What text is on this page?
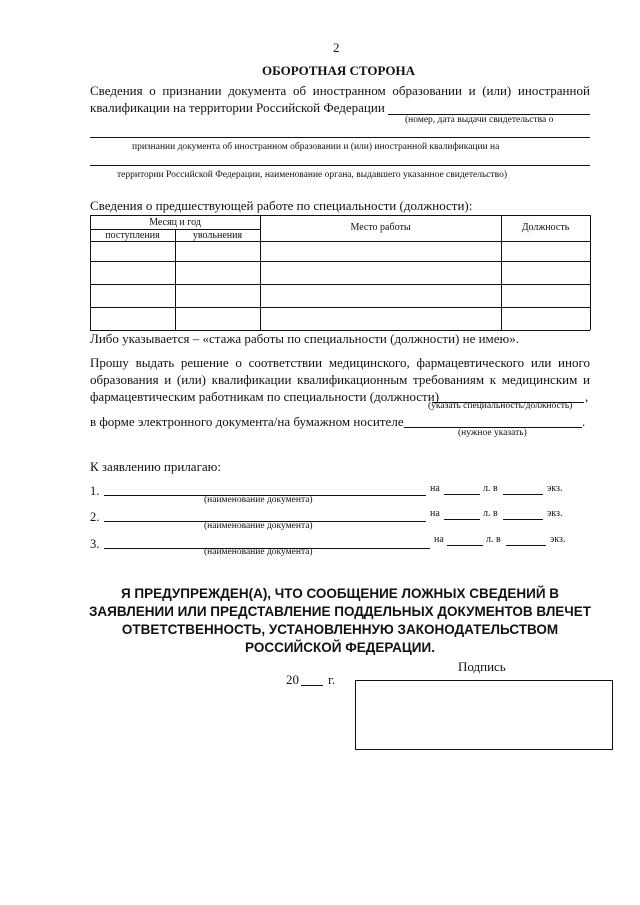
2
ОБОРОТНАЯ СТОРОНА
Сведения о признании документа об иностранном образовании и (или) иностранной
квалификации на территории Российской Федерации
(номер, дата выдачи свидетельства о
признании документа об иностранном образовании и (или) иностранной квалификации на
территории Российской Федерации, наименование органа, выдавшего указанное свидетельство)
Сведения о предшествующей работе по специальности (должности):
Месяц и год
поступления	увольнения
Место работы	Должность
Либо указывается – «стажа работы по специальности (должности) не имею».
Прошу выдать решение о соответствии медицинского, фармацевтического или иного
образования и (или) квалификации квалификационным требованиям к медицинским и
фармацевтическим работникам по специальности (должности)	,
(указать специальность/должность)
в форме электронного документа/на бумажном носителе	.
(нужное указать)
К заявлению прилагаю:
1.	на	л. в	экз.
(наименование документа)
2.	на	л. в	экз.
(наименование документа)
3.	на	л. в	экз.
(наименование документа)
Я ПРЕДУПРЕЖДЕН(А), ЧТО СООБЩЕНИЕ ЛОЖНЫХ СВЕДЕНИЙ В
ЗАЯВЛЕНИИ ИЛИ ПРЕДСТАВЛЕНИЕ ПОДДЕЛЬНЫХ ДОКУМЕНТОВ ВЛЕЧЕТ
ОТВЕТСТВЕННОСТЬ, УСТАНОВЛЕННУЮ ЗАКОНОДАТЕЛЬСТВОМ
РОССИЙСКОЙ ФЕДЕРАЦИИ.
Подпись
20 г.
